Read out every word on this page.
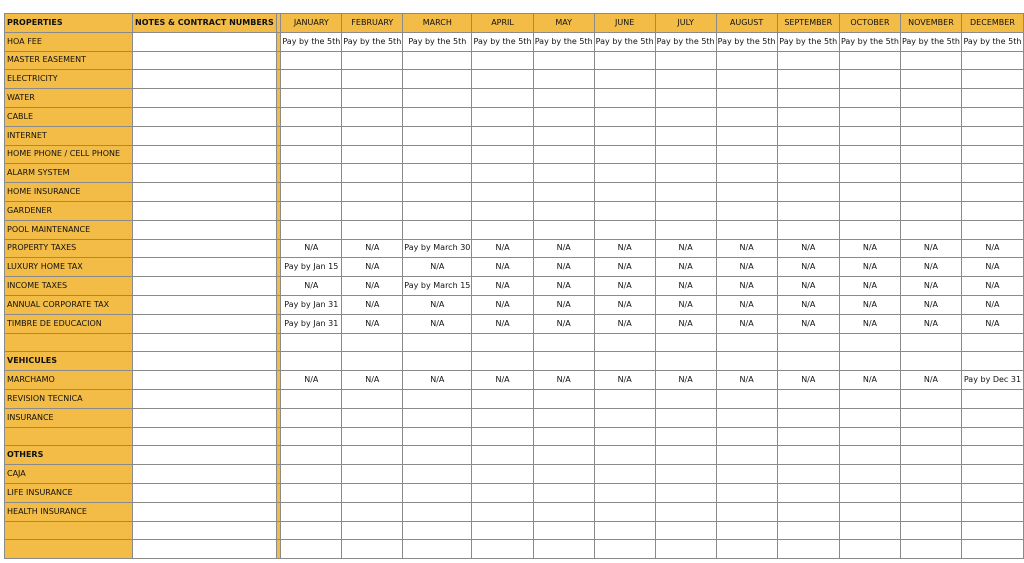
PROPERTIES	NOTES & CONTRACT NUMBERS		JANUARY	FEBRUARY	MARCH	APRIL	MAY	JUNE	JULY	AUGUST	SEPTEMBER	OCTOBER	NOVEMBER	DECEMBER
HOA FEE			Pay by the 5th	Pay by the 5th	Pay by the 5th	Pay by the 5th	Pay by the 5th	Pay by the 5th	Pay by the 5th	Pay by the 5th	Pay by the 5th	Pay by the 5th	Pay by the 5th	Pay by the 5th
MASTER EASEMENT														
ELECTRICITY														
WATER														
CABLE														
INTERNET														
HOME PHONE / CELL PHONE														
ALARM SYSTEM														
HOME INSURANCE														
GARDENER														
POOL MAINTENANCE														
PROPERTY TAXES			N/A	N/A	Pay by March 30	N/A	N/A	N/A	N/A	N/A	N/A	N/A	N/A	N/A
LUXURY HOME TAX			Pay by Jan 15	N/A	N/A	N/A	N/A	N/A	N/A	N/A	N/A	N/A	N/A	N/A
INCOME TAXES			N/A	N/A	Pay by March 15	N/A	N/A	N/A	N/A	N/A	N/A	N/A	N/A	N/A
ANNUAL CORPORATE TAX			Pay by Jan 31	N/A	N/A	N/A	N/A	N/A	N/A	N/A	N/A	N/A	N/A	N/A
TIMBRE DE EDUCACION			Pay by Jan 31	N/A	N/A	N/A	N/A	N/A	N/A	N/A	N/A	N/A	N/A	N/A

VEHICULES														
MARCHAMO			N/A	N/A	N/A	N/A	N/A	N/A	N/A	N/A	N/A	N/A	N/A	Pay by Dec 31
REVISION TECNICA														
INSURANCE														

OTHERS														
CAJA														
LIFE INSURANCE														
HEALTH INSURANCE														
